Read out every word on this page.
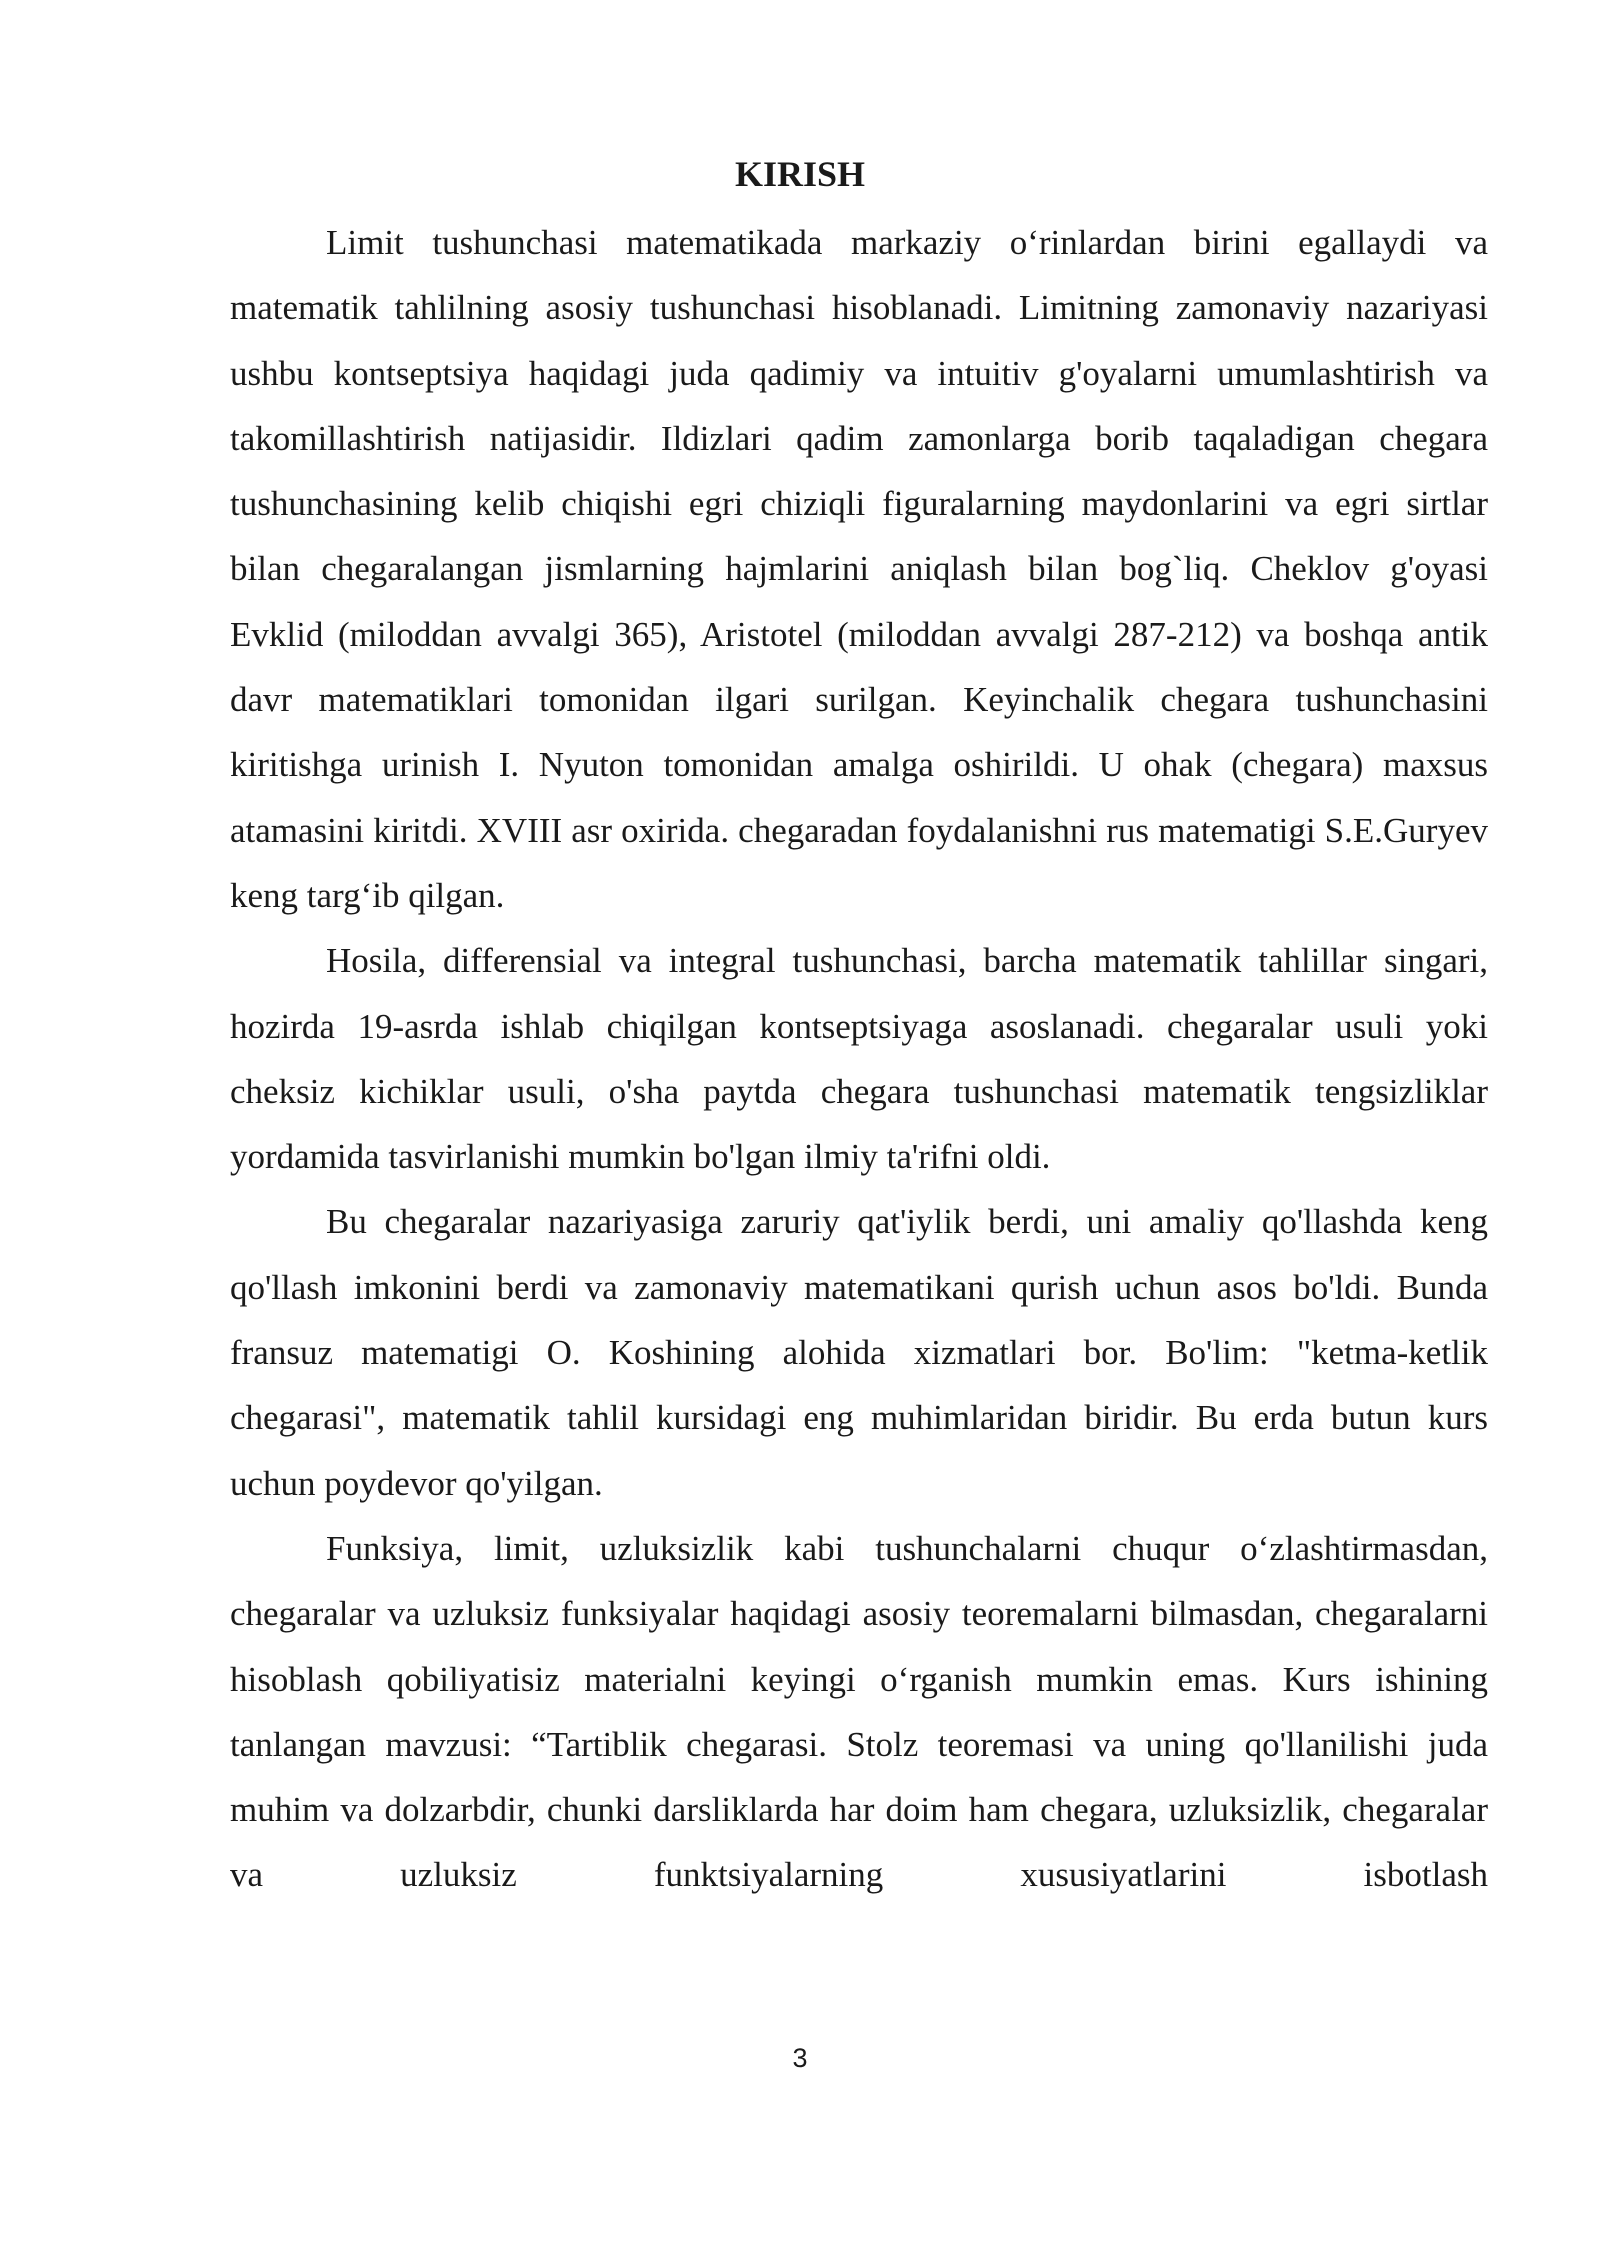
KIRISH

Limit tushunchasi matematikada markaziy o‘rinlardan birini egallaydi va matematik tahlilning asosiy tushunchasi hisoblanadi. Limitning zamonaviy nazariyasi ushbu kontseptsiya haqidagi juda qadimiy va intuitiv g'oyalarni umumlashtirish va takomillashtirish natijasidir. Ildizlari qadim zamonlarga borib taqaladigan chegara tushunchasining kelib chiqishi egri chiziqli figuralarning maydonlarini va egri sirtlar bilan chegaralangan jismlarning hajmlarini aniqlash bilan bog`liq. Cheklov g'oyasi Evklid (miloddan avvalgi 365), Aristotel (miloddan avvalgi 287-212) va boshqa antik davr matematiklari tomonidan ilgari surilgan. Keyinchalik chegara tushunchasini kiritishga urinish I. Nyuton tomonidan amalga oshirildi. U ohak (chegara) maxsus atamasini kiritdi. XVIII asr oxirida. chegaradan foydalanishni rus matematigi S.E.Guryev keng targ‘ib qilgan.

Hosila, differensial va integral tushunchasi, barcha matematik tahlillar singari, hozirda 19-asrda ishlab chiqilgan kontseptsiyaga asoslanadi. chegaralar usuli yoki cheksiz kichiklar usuli, o'sha paytda chegara tushunchasi matematik tengsizliklar yordamida tasvirlanishi mumkin bo'lgan ilmiy ta'rifni oldi.

Bu chegaralar nazariyasiga zaruriy qat'iylik berdi, uni amaliy qo'llashda keng qo'llash imkonini berdi va zamonaviy matematikani qurish uchun asos bo'ldi. Bunda fransuz matematigi O. Koshining alohida xizmatlari bor. Bo'lim: "ketma-ketlik chegarasi", matematik tahlil kursidagi eng muhimlaridan biridir. Bu erda butun kurs uchun poydevor qo'yilgan.

Funksiya, limit, uzluksizlik kabi tushunchalarni chuqur o‘zlashtirmasdan, chegaralar va uzluksiz funksiyalar haqidagi asosiy teoremalarni bilmasdan, chegaralarni hisoblash qobiliyatisiz materialni keyingi o‘rganish mumkin emas. Kurs ishining tanlangan mavzusi: “Tartiblik chegarasi. Stolz teoremasi va uning qo'llanilishi juda muhim va dolzarbdir, chunki darsliklarda har doim ham chegara, uzluksizlik, chegaralar va uzluksiz funktsiyalarning xususiyatlarini isbotlash

3
